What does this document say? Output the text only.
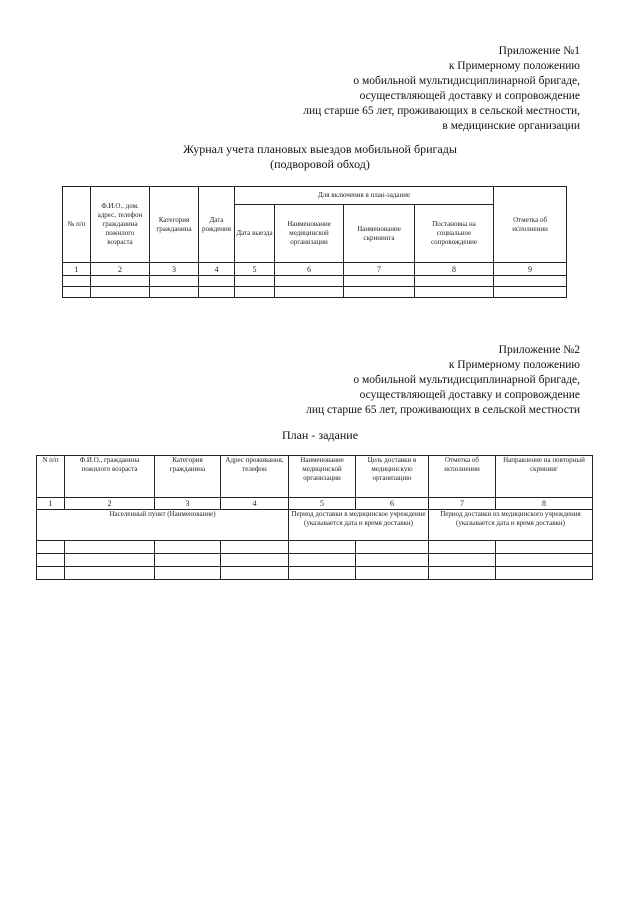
Приложение №1
к Примерному положению
о мобильной мультидисциплинарной бригаде,
осуществляющей доставку и сопровождение
лиц старше 65 лет, проживающих в сельской местности,
в медицинские организации
Журнал учета плановых выездов мобильной бригады
(подворовой обход)
№ п/п	Ф.И.О., дом. адрес, телефон гражданина пожилого возраста	Категория гражданина	Дата рождения	Для включения в план-задание				Отметка об исполнении
				Дата выезда	Наименование медицинской организации	Наименование скрининга	Постановка на социальное сопровождение	
1	2	3	4	5	6	7	8	9

Приложение №2
к Примерному положению
о мобильной мультидисциплинарной бригаде,
осуществляющей доставку и сопровождение
лиц старше 65 лет, проживающих в сельской местности
План - задание
N п/п	Ф.И.О., гражданина пожилого возраста	Категория гражданина	Адрес проживания, телефон	Наименование медицинской организации	Цель доставки в медицинскую организацию	Отметка об исполнении	Направление на повторный скрининг
1	2	3	4	5	6	7	8
Населенный пункт (Наименование)				Период доставки в медицинское учреждение (указывается дата и время доставки)		Период доставки из медицинского учреждения (указывается дата и время доставки)	
